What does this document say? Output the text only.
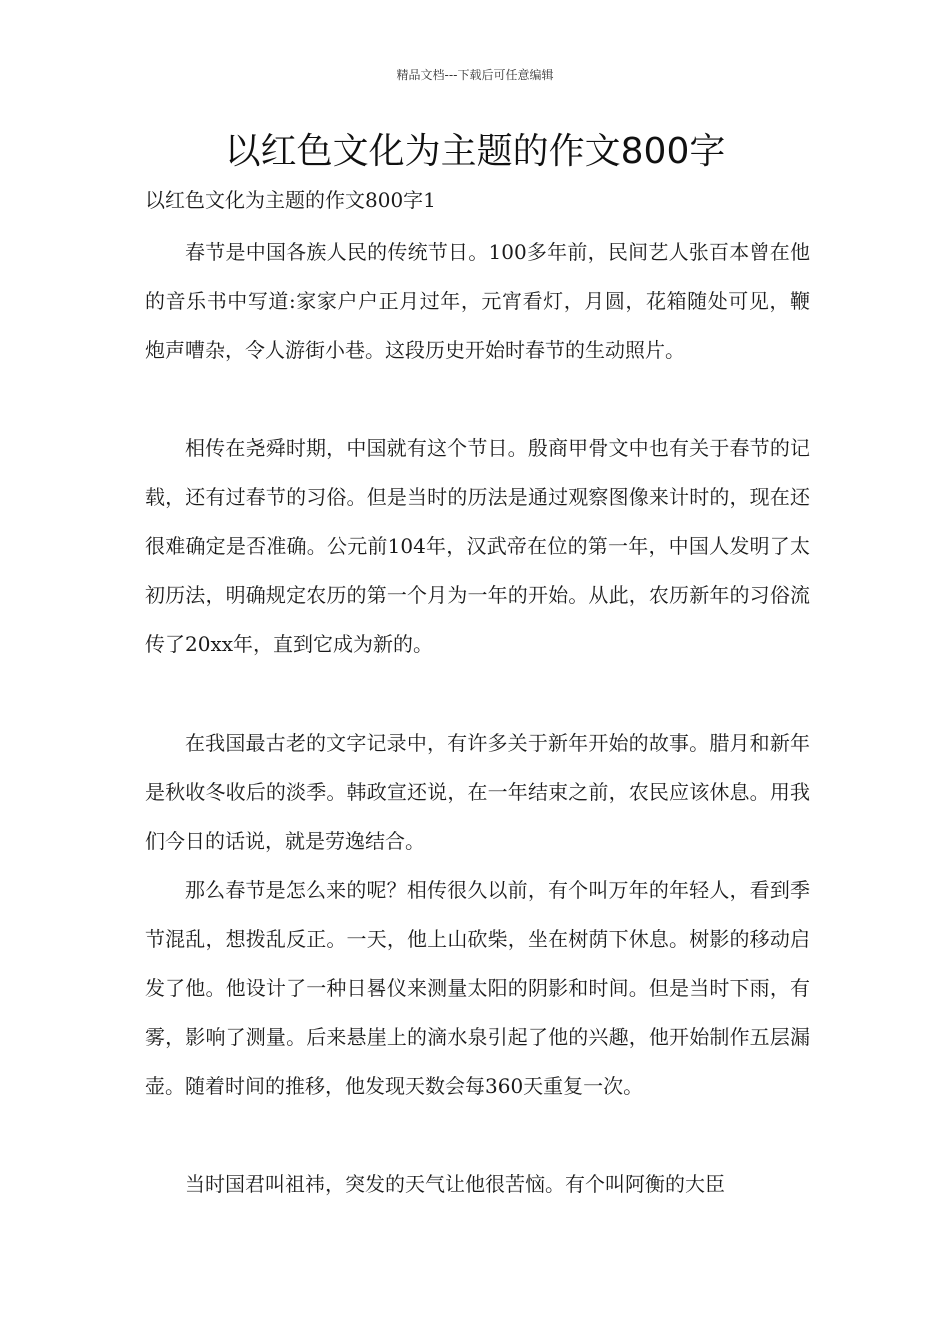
精品文档---下载后可任意编辑
以红色文化为主题的作文800字

以红色文化为主题的作文800字1

春节是中国各族人民的传统节日。100多年前，民间艺人张百本曾在他的音乐书中写道:家家户户正月过年，元宵看灯，月圆，花箱随处可见，鞭炮声嘈杂，令人游街小巷。这段历史开始时春节的生动照片。

相传在尧舜时期，中国就有这个节日。殷商甲骨文中也有关于春节的记载，还有过春节的习俗。但是当时的历法是通过观察图像来计时的，现在还很难确定是否准确。公元前104年，汉武帝在位的第一年，中国人发明了太初历法，明确规定农历的第一个月为一年的开始。从此，农历新年的习俗流传了20xx年，直到它成为新的。

在我国最古老的文字记录中，有许多关于新年开始的故事。腊月和新年是秋收冬收后的淡季。韩政宣还说，在一年结束之前，农民应该休息。用我们今日的话说，就是劳逸结合。

那么春节是怎么来的呢？相传很久以前，有个叫万年的年轻人，看到季节混乱，想拨乱反正。一天，他上山砍柴，坐在树荫下休息。树影的移动启发了他。他设计了一种日晷仪来测量太阳的阴影和时间。但是当时下雨，有雾，影响了测量。后来悬崖上的滴水泉引起了他的兴趣，他开始制作五层漏壶。随着时间的推移，他发现天数会每360天重复一次。

当时国君叫祖祎，突发的天气让他很苦恼。有个叫阿衡的大臣
